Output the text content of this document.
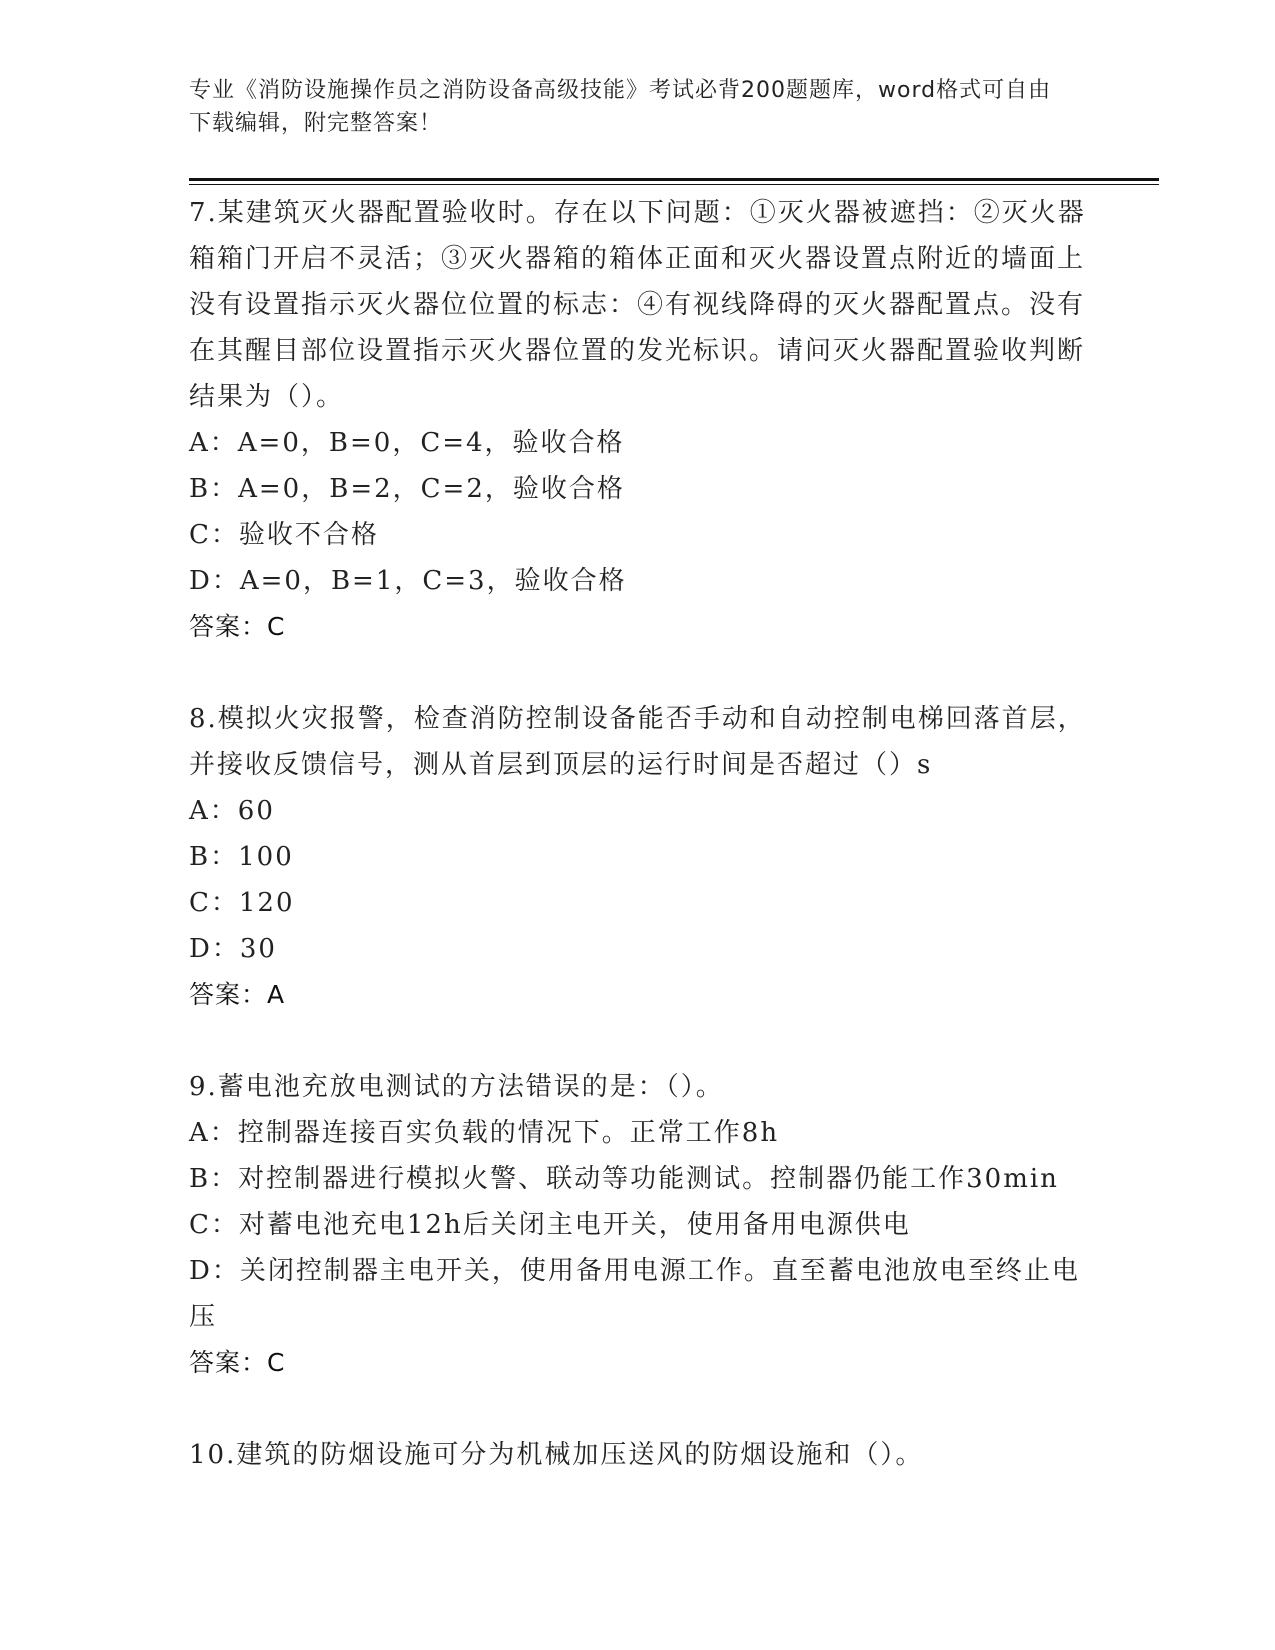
专业《消防设施操作员之消防设备高级技能》考试必背200题题库，word格式可自由下载编辑，附完整答案！

7.某建筑灭火器配置验收时。存在以下问题：①灭火器被遮挡：②灭火器箱箱门开启不灵活；③灭火器箱的箱体正面和灭火器设置点附近的墙面上没有设置指示灭火器位位置的标志：④有视线降碍的灭火器配置点。没有在其醒目部位设置指示灭火器位置的发光标识。请问灭火器配置验收判断结果为（）。

A：A=0，B=0，C=4，验收合格

B：A=0，B=2，C=2，验收合格

C：验收不合格

D：A=0，B=1，C=3，验收合格

答案：C

8.模拟火灾报警，检查消防控制设备能否手动和自动控制电梯回落首层，并接收反馈信号，测从首层到顶层的运行时间是否超过（）s

A：60

B：100

C：120

D：30

答案：A

9.蓄电池充放电测试的方法错误的是：（）。

A：控制器连接百实负载的情况下。正常工作8h

B：对控制器进行模拟火警、联动等功能测试。控制器仍能工作30min

C：对蓄电池充电12h后关闭主电开关，使用备用电源供电

D：关闭控制器主电开关，使用备用电源工作。直至蓄电池放电至终止电压

答案：C

10.建筑的防烟设施可分为机械加压送风的防烟设施和（）。
